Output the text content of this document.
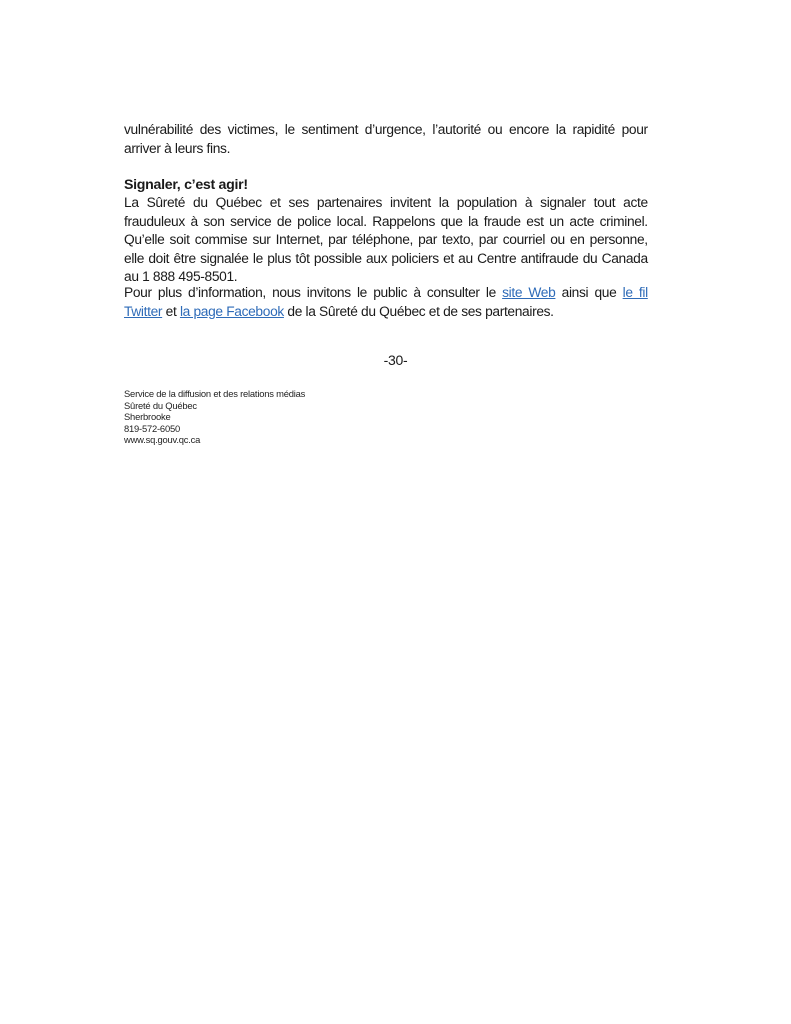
vulnérabilité des victimes, le sentiment d’urgence, l’autorité ou encore la rapidité pour arriver à leurs fins.
Signaler, c’est agir!
La Sûreté du Québec et ses partenaires invitent la population à signaler tout acte frauduleux à son service de police local. Rappelons que la fraude est un acte criminel. Qu’elle soit commise sur Internet, par téléphone, par texto, par courriel ou en personne, elle doit être signalée le plus tôt possible aux policiers et au Centre antifraude du Canada au 1 888 495-8501.
Pour plus d’information, nous invitons le public à consulter le site Web ainsi que le fil Twitter et la page Facebook de la Sûreté du Québec et de ses partenaires.
-30-
Service de la diffusion et des relations médias
Sûreté du Québec
Sherbrooke
819-572-6050
www.sq.gouv.qc.ca
